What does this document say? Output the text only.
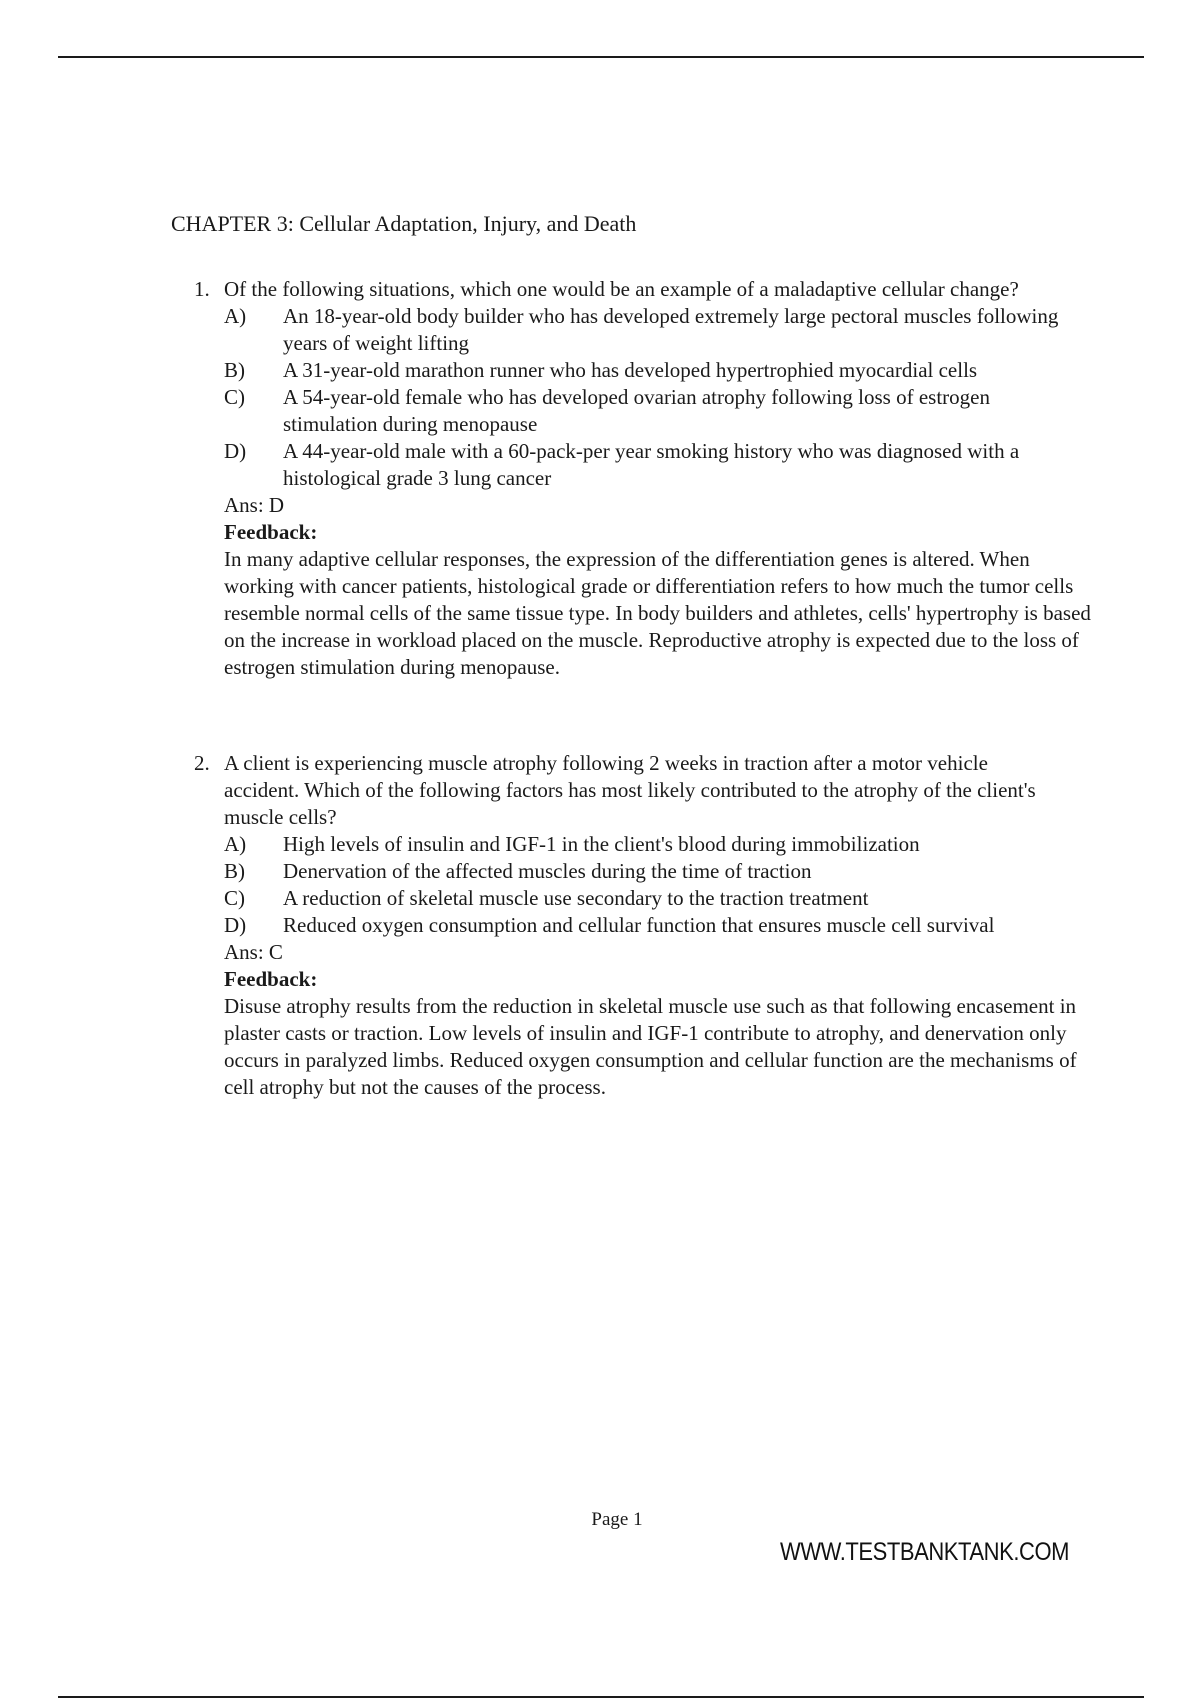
CHAPTER 3: Cellular Adaptation, Injury, and Death
1. Of the following situations, which one would be an example of a maladaptive cellular change?

A)	An 18-year-old body builder who has developed extremely large pectoral muscles following years of weight lifting
B)	A 31-year-old marathon runner who has developed hypertrophied myocardial cells
C)	A 54-year-old female who has developed ovarian atrophy following loss of estrogen stimulation during menopause
D)	A 44-year-old male with a 60-pack-per year smoking history who was diagnosed with a histological grade 3 lung cancer

Ans: D

Feedback:

In many adaptive cellular responses, the expression of the differentiation genes is altered. When working with cancer patients, histological grade or differentiation refers to how much the tumor cells resemble normal cells of the same tissue type. In body builders and athletes, cells' hypertrophy is based on the increase in workload placed on the muscle. Reproductive atrophy is expected due to the loss of estrogen stimulation during menopause.

2. A client is experiencing muscle atrophy following 2 weeks in traction after a motor vehicle accident. Which of the following factors has most likely contributed to the atrophy of the client's muscle cells?

A)	High levels of insulin and IGF-1 in the client's blood during immobilization
B)	Denervation of the affected muscles during the time of traction
C)	A reduction of skeletal muscle use secondary to the traction treatment
D)	Reduced oxygen consumption and cellular function that ensures muscle cell survival

Ans: C

Feedback:

Disuse atrophy results from the reduction in skeletal muscle use such as that following encasement in plaster casts or traction. Low levels of insulin and IGF-1 contribute to atrophy, and denervation only occurs in paralyzed limbs. Reduced oxygen consumption and cellular function are the mechanisms of cell atrophy but not the causes of the process.

Page 1
WWW.TESTBANKTANK.COM
